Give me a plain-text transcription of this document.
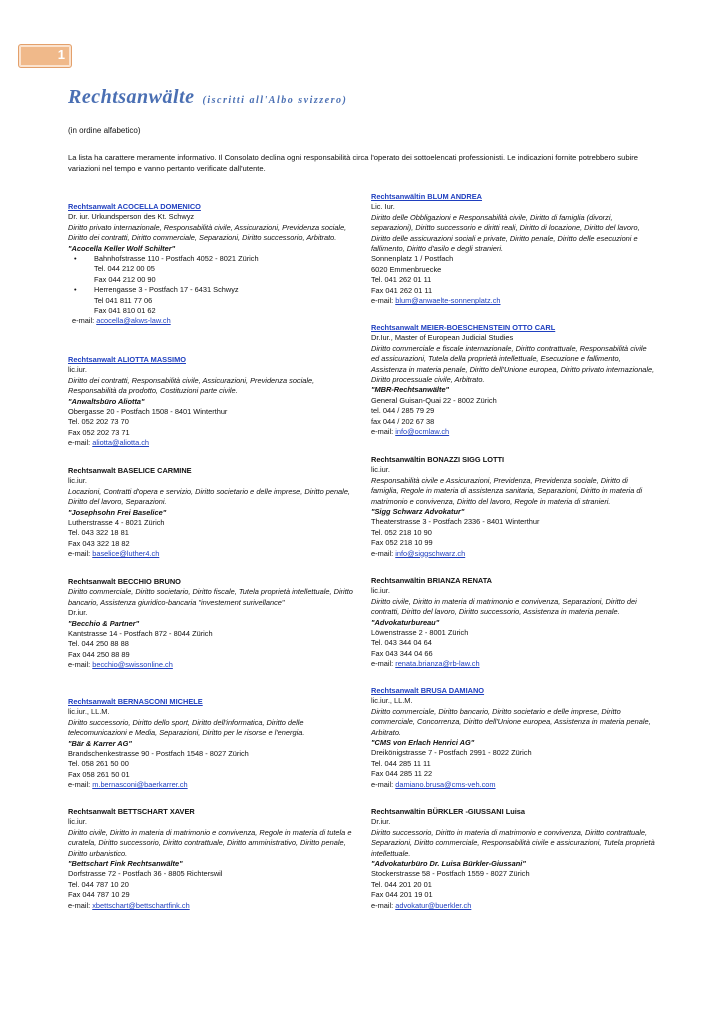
1
Rechtsanwälte (iscritti all'Albo svizzero)
(in ordine alfabetico)
La lista ha carattere meramente informativo. Il Consolato declina ogni responsabilità circa l'operato dei sottoelencati professionisti. Le indicazioni fornite potrebbero subire variazioni nel tempo e vanno pertanto verificate dall'utente.
Rechtsanwalt ACOCELLA DOMENICO
Dr. iur. Urkundsperson des Kt. Schwyz
Diritto privato internazionale, Responsabilità civile, Assicurazioni, Previdenza sociale, Diritto dei contratti, Diritto commerciale, Separazioni, Diritto successorio, Arbitrato.
"Acocella Keller Wolf Schilter"
• Bahnhofstrasse 110 - Postfach 4052 - 8021 Zürich
Tel. 044 212 00 05
Fax 044 212 00 90
• Herrengasse 3 - Postfach 17 - 6431 Schwyz
Tel 041 811 77 06
Fax 041 810 01 62
e-mail: acocella@akws-law.ch
Rechtsanwalt ALIOTTA MASSIMO
lic.iur.
Diritto dei contratti, Responsabilità civile, Assicurazioni, Previdenza sociale, Responsabilità da prodotto, Costituzioni parte civile.
"Anwaltsbüro Aliotta"
Obergasse 20 - Postfach 1508 - 8401 Winterthur
Tel. 052 202 73 70
Fax 052 202 73 71
e-mail: aliotta@aliotta.ch
Rechtsanwalt BASELICE CARMINE
lic.iur.
Locazioni, Contratti d'opera e servizio, Diritto societario e delle imprese, Diritto penale, Diritto del lavoro, Separazioni.
"Josephsohn Frei Baselice"
Lutherstrasse 4 - 8021 Zürich
Tel. 043 322 18 81
Fax 043 322 18 82
e-mail: baselice@luther4.ch
Rechtsanwalt BECCHIO BRUNO
Diritto commerciale, Diritto societario, Diritto fiscale, Tutela proprietà intellettuale, Diritto bancario, Assistenza giuridico-bancaria "investement surivellance"
Dr.iur.
"Becchio & Partner"
Kantstrasse 14 - Postfach 872 - 8044 Zürich
Tel. 044 250 88 88
Fax 044 250 88 89
e-mail: becchio@swissonline.ch
Rechtsanwalt BERNASCONI MICHELE
lic.iur., LL.M.
Diritto successorio, Diritto dello sport, Diritto dell'informatica, Diritto delle telecomunicazioni e Media, Separazioni, Diritto per le risorse e l'energia.
"Bär & Karrer AG"
Brandschenkestrasse 90 - Postfach 1548 - 8027 Zürich
Tel. 058 261 50 00
Fax 058 261 50 01
e-mail: m.bernasconi@baerkarrer.ch
Rechtsanwalt BETTSCHART XAVER
lic.iur.
Diritto civile, Diritto in materia di matrimonio e convivenza, Regole in materia di tutela e curatela, Diritto successorio, Diritto contrattuale, Diritto amministrativo, Diritto penale, Diritto urbanistico.
"Bettschart Fink Rechtsanwälte"
Dorfstrasse 72 - Postfach 36 - 8805 Richterswil
Tel. 044 787 10 20
Fax 044 787 10 29
e-mail: xbettschart@bettschartfink.ch
Rechtsanwältin BLUM ANDREA
Lic. Iur.
Diritto delle Obbligazioni e Responsabilità civile, Diritto di famiglia (divorzi, separazioni), Diritto successorio e diritti reali, Diritto di locazione, Diritto del lavoro, Diritto delle assicurazioni sociali e private, Diritto penale, Diritto delle esecuzioni e fallimento, Diritto d'asilo e degli stranieri.
Sonnenplatz 1 / Postfach
6020 Emmenbruecke
Tel. 041 262 01 11
Fax 041 262 01 11
e-mail: blum@anwaelte-sonnenplatz.ch
Rechtsanwalt MEIER-BOESCHENSTEIN OTTO CARL
Dr.Iur., Master of European Judicial Studies
Diritto commerciale e fiscale internazionale, Diritto contrattuale, Responsabilità civile ed assicurazioni, Tutela della proprietà intellettuale, Esecuzione e fallimento, Assistenza in materia penale, Diritto dell'Unione europea, Diritto privato internazionale, Diritto processuale civile, Arbitrato.
"MBR-Rechtsanwälte"
General Guisan-Quai 22 - 8002 Zürich
tel. 044 / 285 79 29
fax 044 / 202 67 38
e-mail: info@ocmlaw.ch
Rechtsanwältin BONAZZI SIGG LOTTI
lic.iur.
Responsabilità civile e Assicurazioni, Previdenza, Previdenza sociale, Diritto di famiglia, Regole in materia di assistenza sanitaria, Separazioni, Diritto in materia di matrimonio e convivenza, Diritto del lavoro, Regole in materia di stranieri.
"Sigg Schwarz Advokatur"
Theaterstrasse 3 - Postfach 2336 - 8401 Winterthur
Tel. 052 218 10 90
Fax 052 218 10 99
e-mail: info@siggschwarz.ch
Rechtsanwältin BRIANZA RENATA
lic.iur.
Diritto civile, Diritto in materia di matrimonio e convivenza, Separazioni, Diritto dei contratti, Diritto del lavoro, Diritto successorio, Assistenza in materia penale.
"Advokaturbureau"
Löwenstrasse 2 - 8001 Zürich
Tel. 043 344 04 64
Fax 043 344 04 66
e-mail: renata.brianza@rb-law.ch
Rechtsanwalt BRUSA DAMIANO
lic.iur., LL.M.
Diritto commerciale, Diritto bancario, Diritto societario e delle imprese, Diritto commerciale, Concorrenza, Diritto dell'Unione europea, Assistenza in materia penale, Arbitrato.
"CMS von Erlach Henrici AG"
Dreikönigstrasse 7 - Postfach 2991 - 8022 Zürich
Tel. 044 285 11 11
Fax 044 285 11 22
e-mail: damiano.brusa@cms-veh.com
Rechtsanwältin BÜRKLER -GIUSSANI Luisa
Dr.iur.
Diritto successorio, Diritto in materia di matrimonio e convivenza, Diritto contrattuale, Separazioni, Diritto commerciale, Responsabilità civile e assicurazioni, Tutela proprietà intellettuale.
"Advokaturbüro Dr. Luisa Bürkler-Giussani"
Stockerstrasse 58 - Postfach 1559 - 8027 Zürich
Tel. 044 201 20 01
Fax 044 201 19 01
e-mail: advokatur@buerkler.ch
